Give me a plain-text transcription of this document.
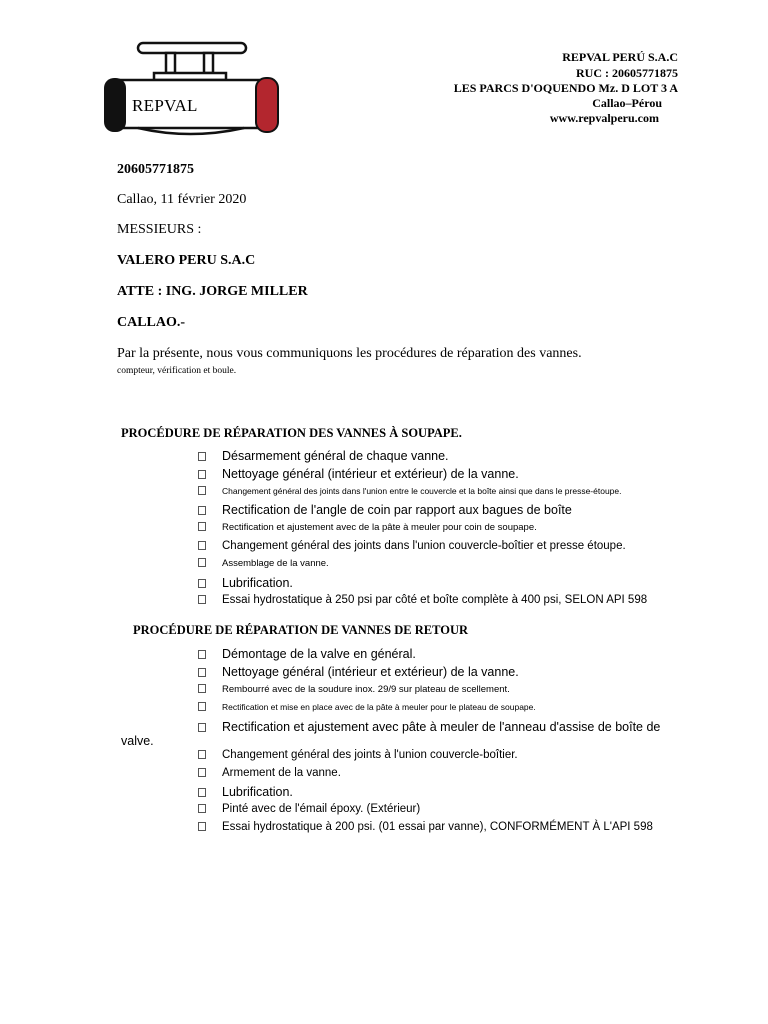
REPVAL
REPVAL PERÚ S.A.C
RUC : 20605771875
LES PARCS D'OQUENDO Mz. D LOT 3 A
Callao–Pérou
www.repvalperu.com
20605771875
Callao, 11 février 2020
MESSIEURS :
VALERO PERU S.A.C
ATTE : ING. JORGE MILLER
CALLAO.-
Par la présente, nous vous communiquons les procédures de réparation des vannes.
compteur, vérification et boule.
PROCÉDURE DE RÉPARATION DES VANNES À SOUPAPE.
Désarmement général de chaque vanne.
Nettoyage général (intérieur et extérieur) de la vanne.
Changement général des joints dans l'union entre le couvercle et la boîte ainsi que dans le presse-étoupe.
Rectification de l'angle de coin par rapport aux bagues de boîte
Rectification et ajustement avec de la pâte à meuler pour coin de soupape.
Changement général des joints dans l'union couvercle-boîtier et presse étoupe.
Assemblage de la vanne.
Lubrification.
Essai hydrostatique à 250 psi par côté et boîte complète à 400 psi, SELON API 598
PROCÉDURE DE RÉPARATION DE VANNES DE RETOUR
Démontage de la valve en général.
Nettoyage général (intérieur et extérieur) de la vanne.
Rembourré avec de la soudure inox. 29/9 sur plateau de scellement.
Rectification et mise en place avec de la pâte à meuler pour le plateau de soupape.
Rectification et ajustement avec pâte à meuler de l'anneau d'assise de boîte de
valve.
Changement général des joints à l'union couvercle-boîtier.
Armement de la vanne.
Lubrification.
Pinté avec de l'émail époxy. (Extérieur)
Essai hydrostatique à 200 psi. (01 essai par vanne), CONFORMÉMENT À L'API 598
